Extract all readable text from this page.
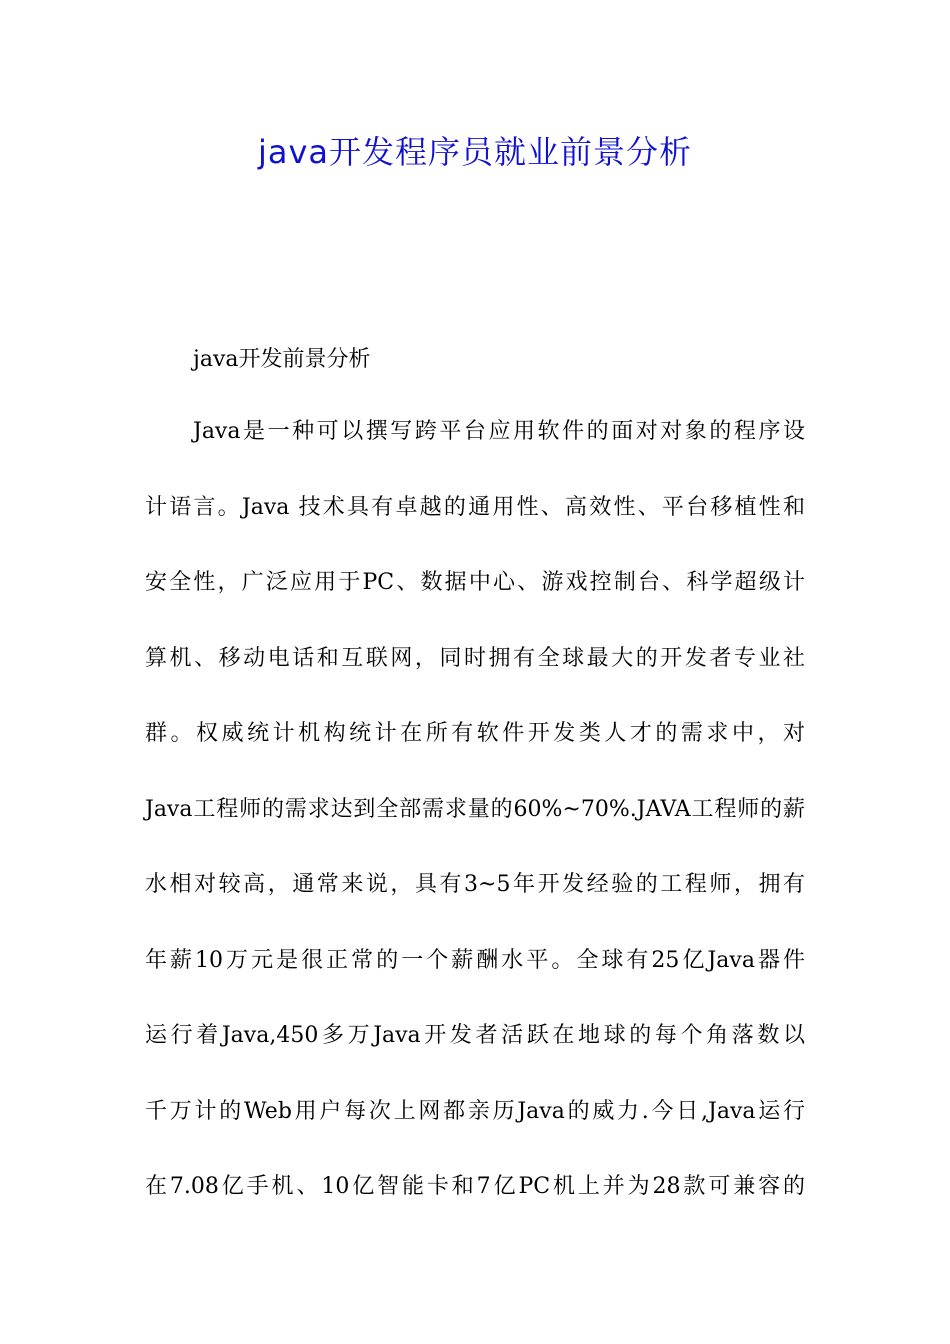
java开发程序员就业前景分析

java开发前景分析

Java是一种可以撰写跨平台应用软件的面对对象的程序设
计语言。Java 技术具有卓越的通用性、高效性、平台移植性和
安全性，广泛应用于PC、数据中心、游戏控制台、科学超级计
算机、移动电话和互联网，同时拥有全球最大的开发者专业社
群。权威统计机构统计在所有软件开发类人才的需求中，对
Java工程师的需求达到全部需求量的60%~70%.JAVA工程师的薪
水相对较高，通常来说，具有3~5年开发经验的工程师，拥有
年薪10万元是很正常的一个薪酬水平。全球有25亿Java器件
运行着Java,450多万Java开发者活跃在地球的每个角落数以
千万计的Web用户每次上网都亲历Java的威力.今日,Java运行
在7.08亿手机、10亿智能卡和7亿PC机上并为28款可兼容的
